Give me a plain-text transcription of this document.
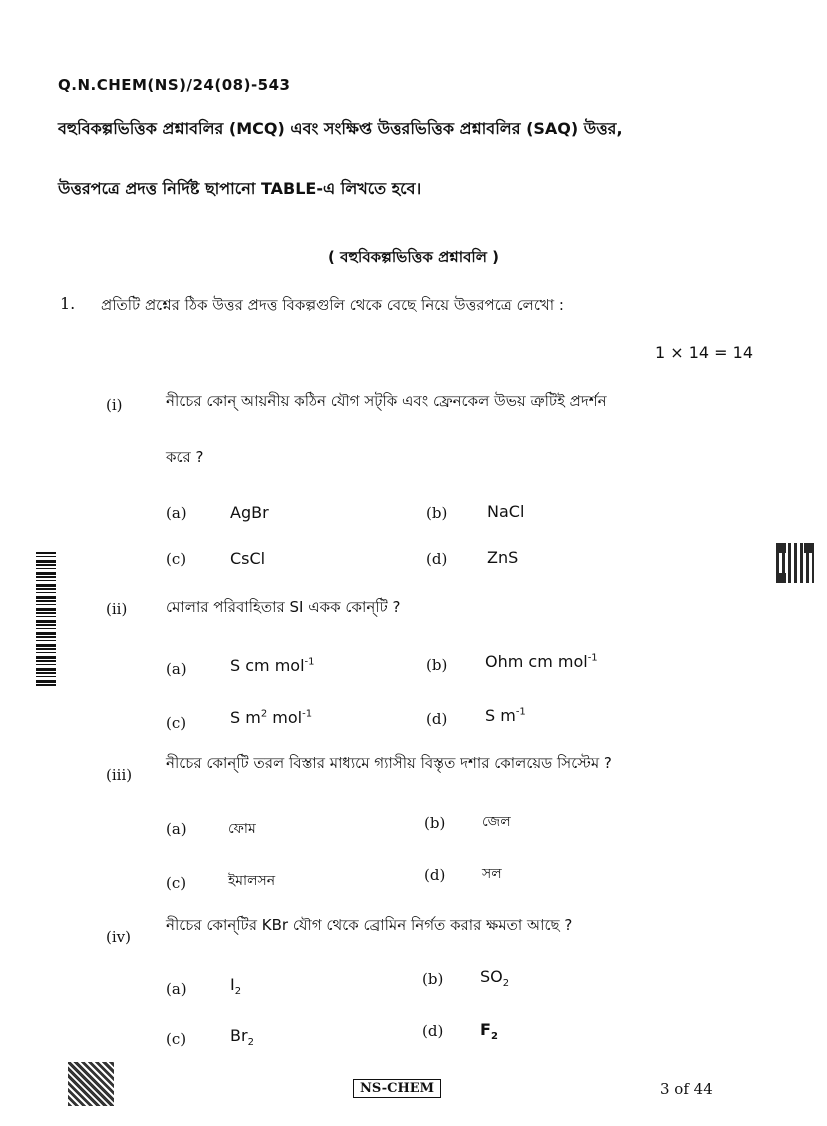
Q.N.CHEM(NS)/24(08)-543
বহুবিকল্পভিত্তিক প্রশ্নাবলির (MCQ) এবং সংক্ষিপ্ত উত্তরভিত্তিক প্রশ্নাবলির (SAQ) উত্তর,
উত্তরপত্রে প্রদত্ত নির্দিষ্ট ছাপানো TABLE-এ লিখতে হবে।
( বহুবিকল্পভিত্তিক প্রশ্নাবলি )
1. প্রতিটি প্রশ্নের ঠিক উত্তর প্রদত্ত বিকল্পগুলি থেকে বেছে নিয়ে উত্তরপত্রে লেখো :
1 × 14 = 14
(i)	নীচের কোন্ আয়নীয় কঠিন যৌগ সট্‌কি এবং ফ্রেনকেল উভয় ত্রুটিই প্রদর্শন
করে ?
(a)	AgBr	(b) NaCl
(c)	CsCl	(d) ZnS
(ii)	মোলার পরিবাহিতার SI একক কোন্‌টি ?
(a)	S cm mol$^{-1}$	(b) Ohm cm mol$^{-1}$
(c)	S $m^2$ mol$^{-1}$	(d) S $m^{-1}$
(iii)
নীচের কোন্‌টি তরল বিস্তার মাধ্যমে গ্যাসীয় বিস্তৃত দশার কোলয়েড সিস্টেম ?
(a)	ফোম	(b)	জেল
(c)	ইমালসন	(d)	সল
(iv)
নীচের কোন্‌টির KBr যৌগ থেকে ব্রোমিন নির্গত করার ক্ষমতা আছে ?
(a)	$I_2$
(b) $SO_2$
(c)	$Br_2$
(d) $F_2$
NS-CHEM	3 of 44
